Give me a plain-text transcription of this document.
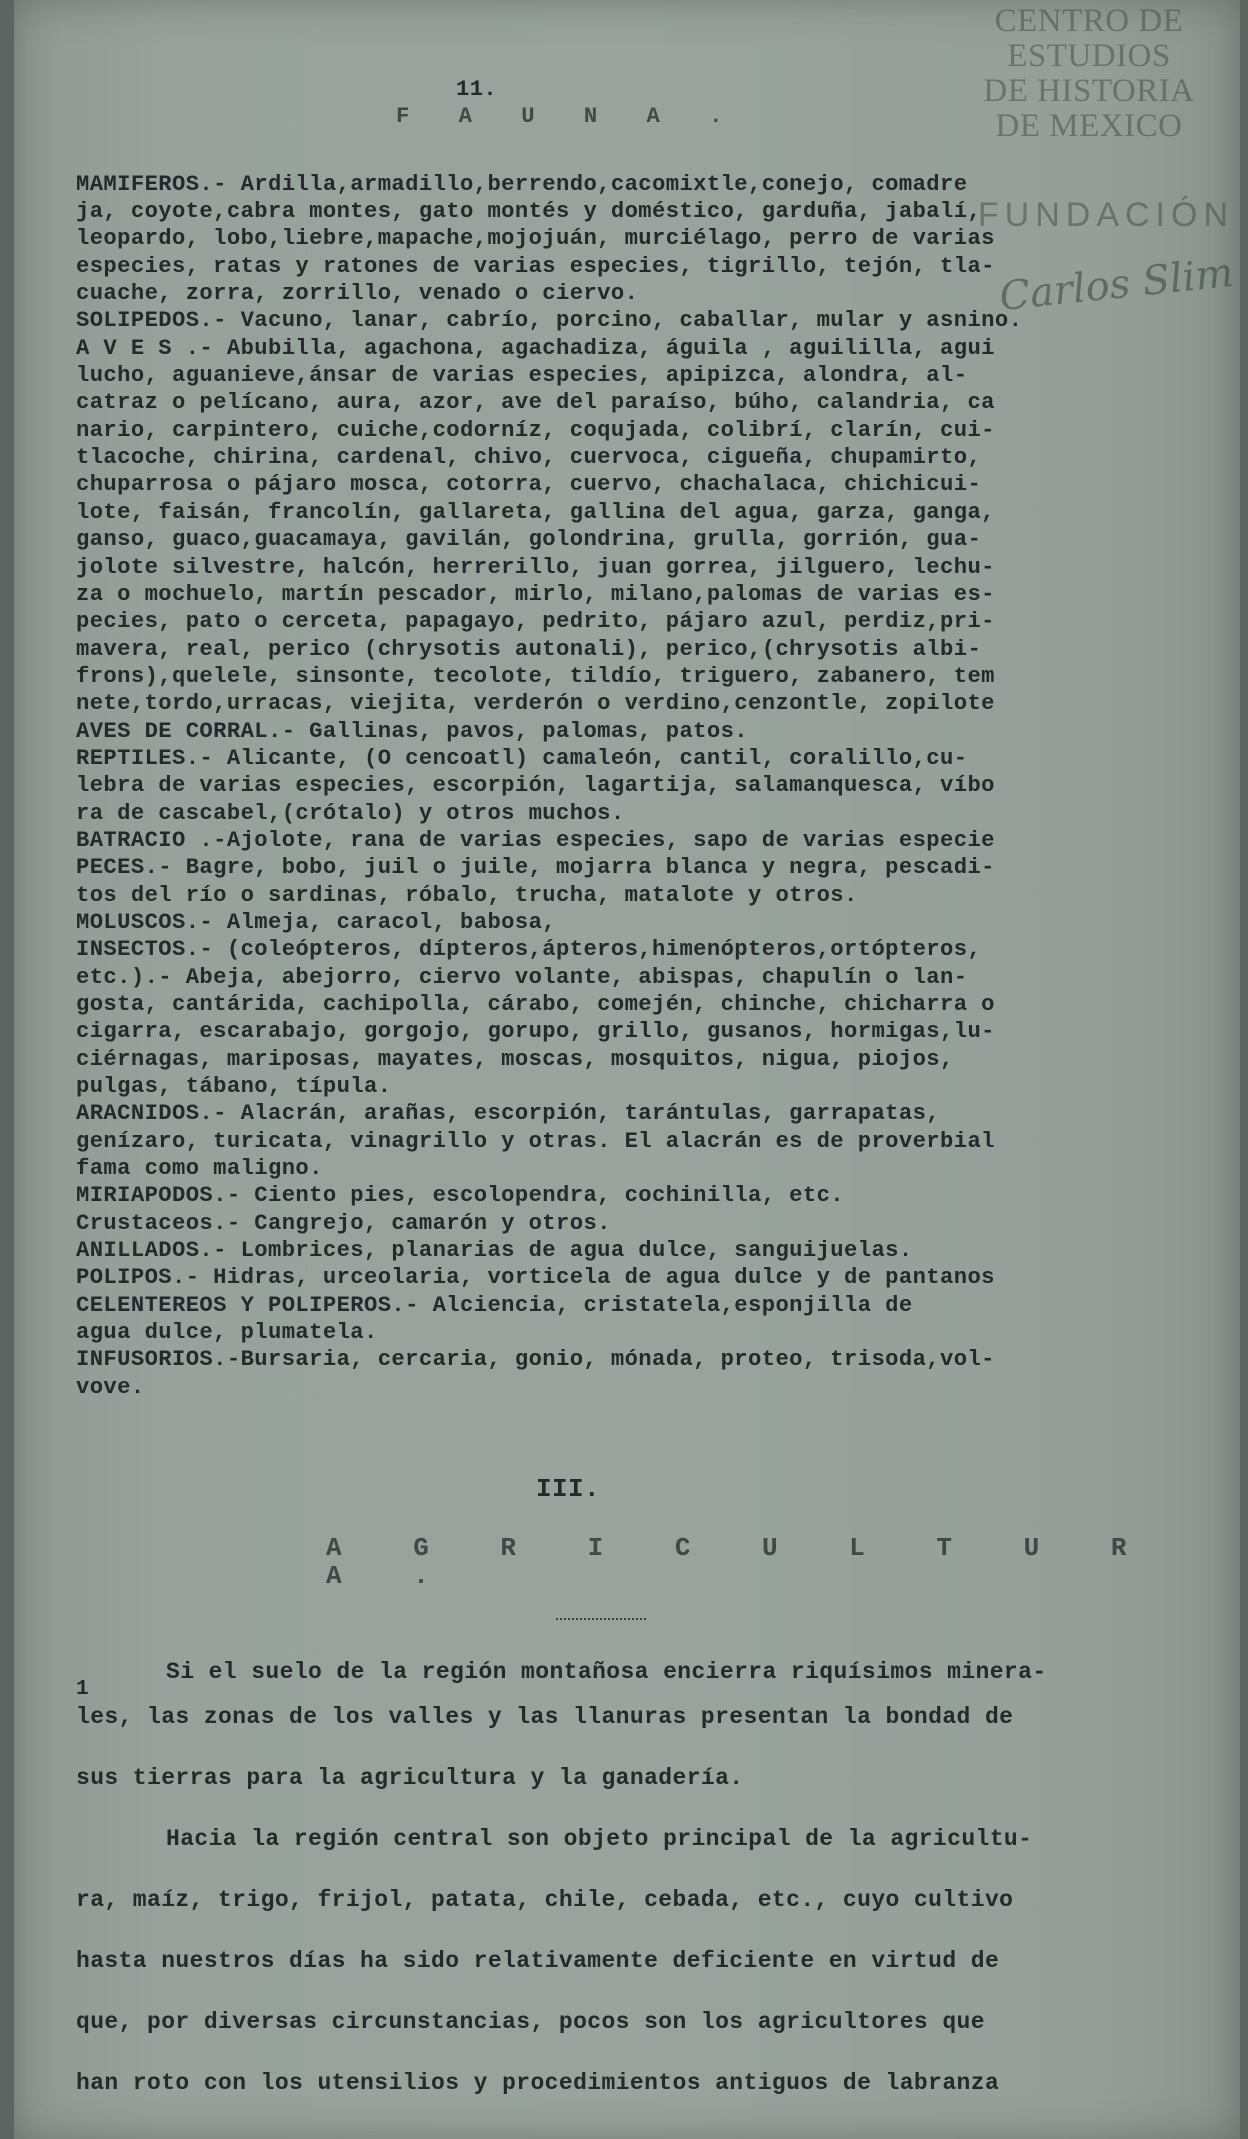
CENTRO DE
ESTUDIOS
DE HISTORIA
DE MEXICO
FUNDACIÓN
Carlos Slim
11.
F A U N A .
MAMIFEROS.- Ardilla,armadillo,berrendo,cacomixtle,conejo, comadre
ja, coyote,cabra montes, gato montés y doméstico, garduña, jabalí,
leopardo, lobo,liebre,mapache,mojojuán, murciélago, perro de varias
especies, ratas y ratones de varias especies, tigrillo, tejón, tla-
cuache, zorra, zorrillo, venado o ciervo.
SOLIPEDOS.- Vacuno, lanar, cabrío, porcino, caballar, mular y asnino.
A V E S .- Abubilla, agachona, agachadiza, águila , aguililla, agui
lucho, aguanieve,ánsar de varias especies, apipizca, alondra, al-
catraz o pelícano, aura, azor, ave del paraíso, búho, calandria, ca
nario, carpintero, cuiche,codorníz, coqujada, colibrí, clarín, cui-
tlacoche, chirina, cardenal, chivo, cuervoca, cigueña, chupamirto,
chuparrosa o pájaro mosca, cotorra, cuervo, chachalaca, chichicui-
lote, faisán, francolín, gallareta, gallina del agua, garza, ganga,
ganso, guaco,guacamaya, gavilán, golondrina, grulla, gorrión, gua-
jolote silvestre, halcón, herrerillo, juan gorrea, jilguero, lechu-
za o mochuelo, martín pescador, mirlo, milano,palomas de varias es-
pecies, pato o cerceta, papagayo, pedrito, pájaro azul, perdiz,pri-
mavera, real, perico (chrysotis autonali), perico,(chrysotis albi-
frons),quelele, sinsonte, tecolote, tildío, triguero, zabanero, tem
nete,tordo,urracas, viejita, verderón o verdino,cenzontle, zopilote
AVES DE CORRAL.- Gallinas, pavos, palomas, patos.
REPTILES.- Alicante, (O cencoatl) camaleón, cantil, coralillo,cu-
lebra de varias especies, escorpión, lagartija, salamanquesca, víbo
ra de cascabel,(crótalo) y otros muchos.
BATRACIO .-Ajolote, rana de varias especies, sapo de varias especie
PECES.- Bagre, bobo, juil o juile, mojarra blanca y negra, pescadi-
tos del río o sardinas, róbalo, trucha, matalote y otros.
MOLUSCOS.- Almeja, caracol, babosa,
INSECTOS.- (coleópteros, dípteros,ápteros,himenópteros,ortópteros,
etc.).- Abeja, abejorro, ciervo volante, abispas, chapulín o lan-
gosta, cantárida, cachipolla, cárabo, comején, chinche, chicharra o
cigarra, escarabajo, gorgojo, gorupo, grillo, gusanos, hormigas,lu-
ciérnagas, mariposas, mayates, moscas, mosquitos, nigua, piojos,
pulgas, tábano, típula.
ARACNIDOS.- Alacrán, arañas, escorpión, tarántulas, garrapatas,
genízaro, turicata, vinagrillo y otras. El alacrán es de proverbial
fama como maligno.
MIRIAPODOS.- Ciento pies, escolopendra, cochinilla, etc.
Crustaceos.- Cangrejo, camarón y otros.
ANILLADOS.- Lombrices, planarias de agua dulce, sanguijuelas.
POLIPOS.- Hidras, urceolaria, vorticela de agua dulce y de pantanos
CELENTEREOS Y POLIPEROS.- Alciencia, cristatela,esponjilla de
agua dulce, plumatela.
INFUSORIOS.-Bursaria, cercaria, gonio, mónada, proteo, trisoda,vol-
vove.
III.
A G R I C U L T U R A .
Si el suelo de la región montañosa encierra riquísimos minera-
1
les, las zonas de los valles y las llanuras presentan la bondad de
sus tierras para la agricultura y la ganadería.
Hacia la región central son objeto principal de la agricultu-
ra, maíz, trigo, frijol, patata, chile, cebada, etc., cuyo cultivo
hasta nuestros días ha sido relativamente deficiente en virtud de
que, por diversas circunstancias, pocos son los agricultores que
han roto con los utensilios y procedimientos antiguos de labranza
